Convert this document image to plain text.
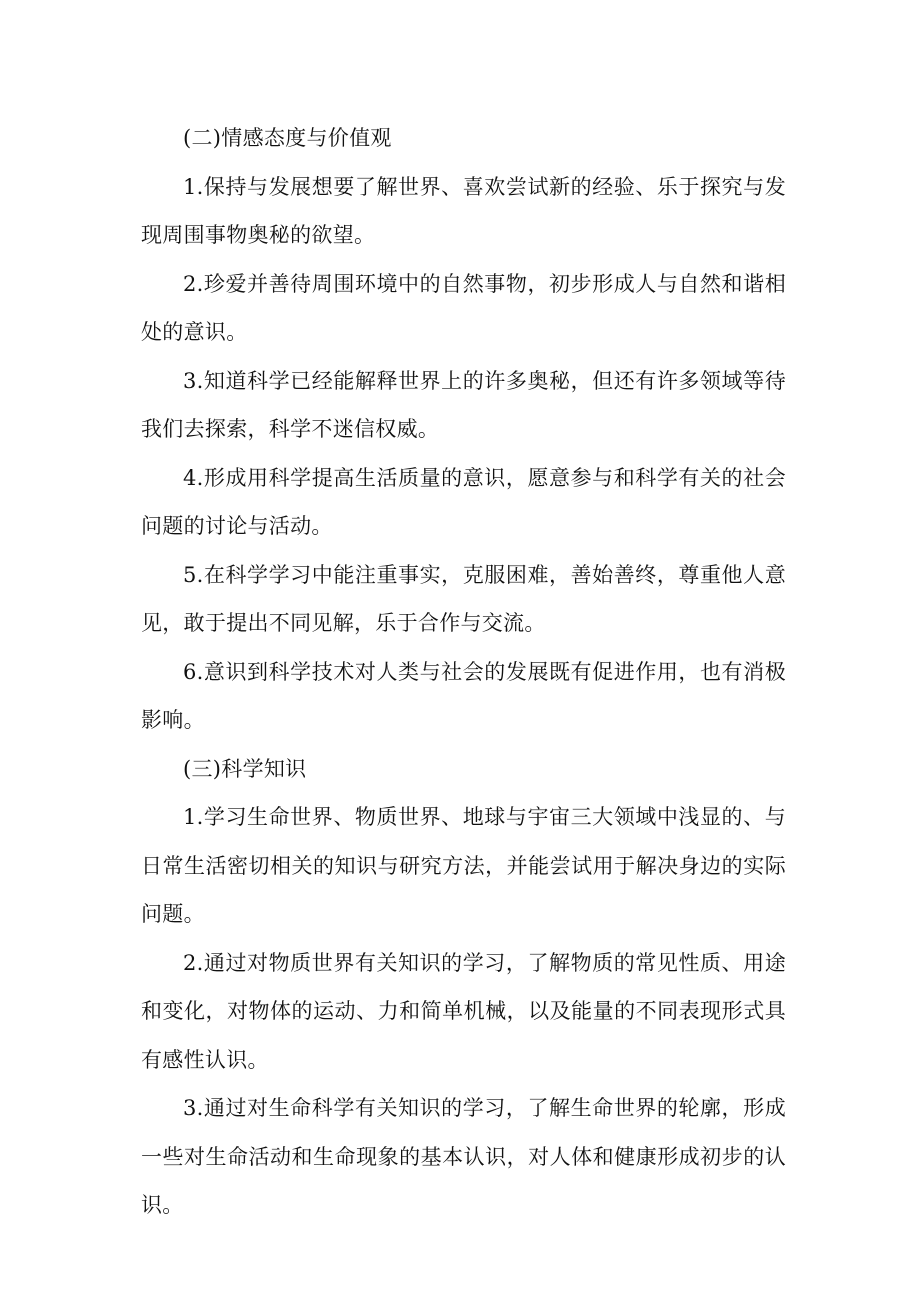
(二)情感态度与价值观

1.保持与发展想要了解世界、喜欢尝试新的经验、乐于探究与发现周围事物奥秘的欲望。

2.珍爱并善待周围环境中的自然事物，初步形成人与自然和谐相处的意识。

3.知道科学已经能解释世界上的许多奥秘，但还有许多领域等待我们去探索，科学不迷信权威。

4.形成用科学提高生活质量的意识，愿意参与和科学有关的社会问题的讨论与活动。

5.在科学学习中能注重事实，克服困难，善始善终，尊重他人意见，敢于提出不同见解，乐于合作与交流。

6.意识到科学技术对人类与社会的发展既有促进作用，也有消极影响。

(三)科学知识

1.学习生命世界、物质世界、地球与宇宙三大领域中浅显的、与日常生活密切相关的知识与研究方法，并能尝试用于解决身边的实际问题。

2.通过对物质世界有关知识的学习，了解物质的常见性质、用途和变化，对物体的运动、力和简单机械，以及能量的不同表现形式具有感性认识。

3.通过对生命科学有关知识的学习，了解生命世界的轮廓，形成一些对生命活动和生命现象的基本认识，对人体和健康形成初步的认识。
